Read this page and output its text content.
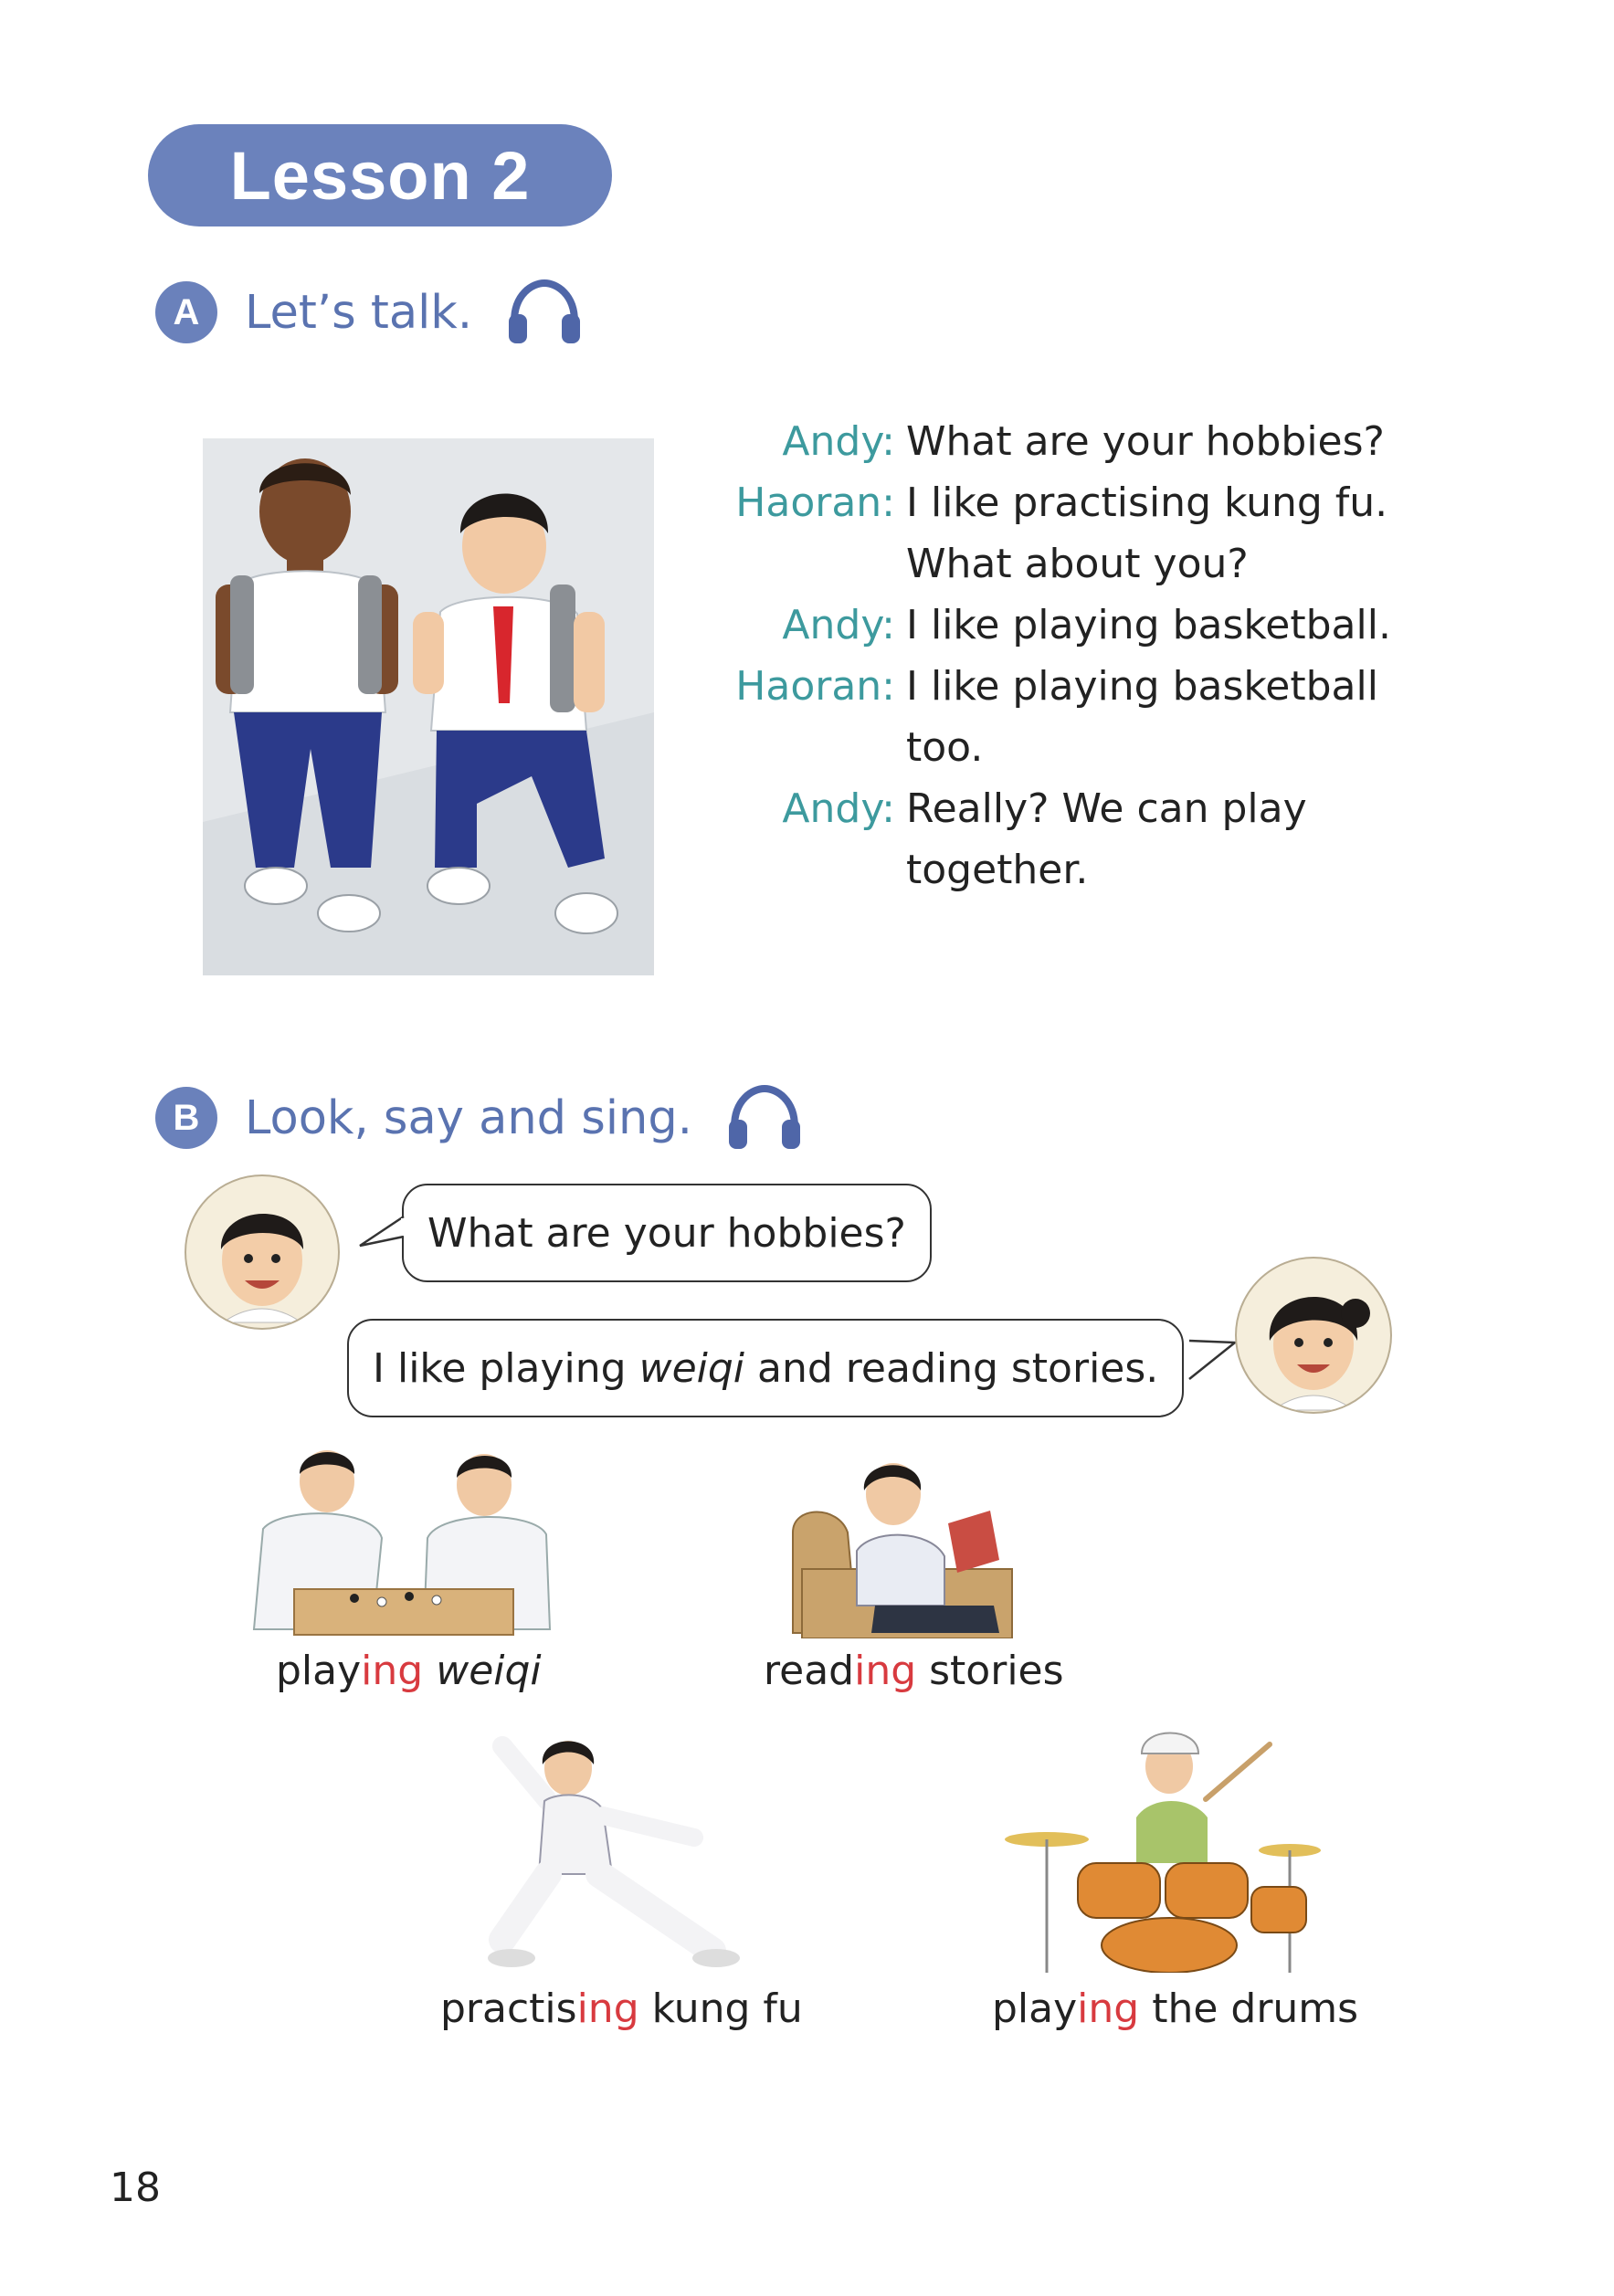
Lesson 2
A Let’s talk.
Andy: What are your hobbies?
Haoran: I like practising kung fu.
What about you?
Andy: I like playing basketball.
Haoran: I like playing basketball
too.
Andy: Really? We can play
together.
B Look, say and sing.
What are your hobbies?
I like playing weiqi and reading stories.
playing weiqi	reading stories
practising kung fu	playing the drums
18
